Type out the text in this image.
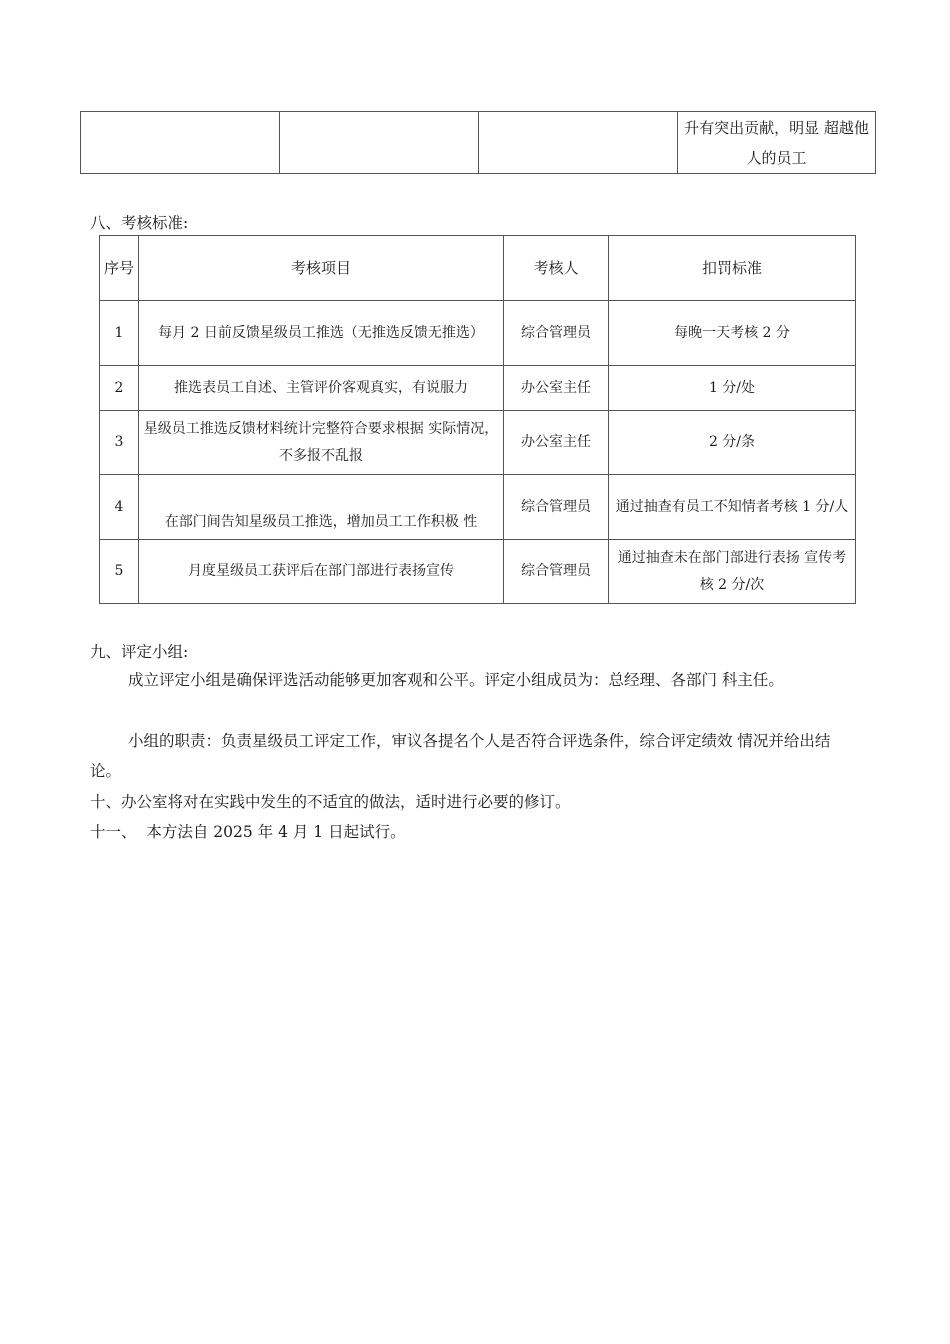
			升有突出贡献，明显 超越他人的员工
八、考核标准:
序号	考核项目	考核人	扣罚标准
1	每月 2 日前反馈星级员工推选（无推选反馈无推选）	综合管理员	每晚一天考核 2 分
2	推选表员工自述、主管评价客观真实，有说服力	办公室主任	1 分/处
3	星级员工推选反馈材料统计完整符合要求根据 实际情况，不多报不乱报	办公室主任	2 分/条
4	在部门间告知星级员工推选，增加员工工作积极 性	综合管理员	通过抽查有员工不知情者考核 1 分/人
5	月度星级员工获评后在部门部进行表扬宣传	综合管理员	通过抽查未在部门部进行表扬 宣传考核 2 分/次
九、评定小组:
成立评定小组是确保评选活动能够更加客观和公平。评定小组成员为：总经理、各部门 科主任。
小组的职责：负责星级员工评定工作，审议各提名个人是否符合评选条件，综合评定绩效 情况并给出结论。
十、办公室将对在实践中发生的不适宜的做法，适时进行必要的修订。
十一、  本方法自 2025 年 4 月 1 日起试行。
